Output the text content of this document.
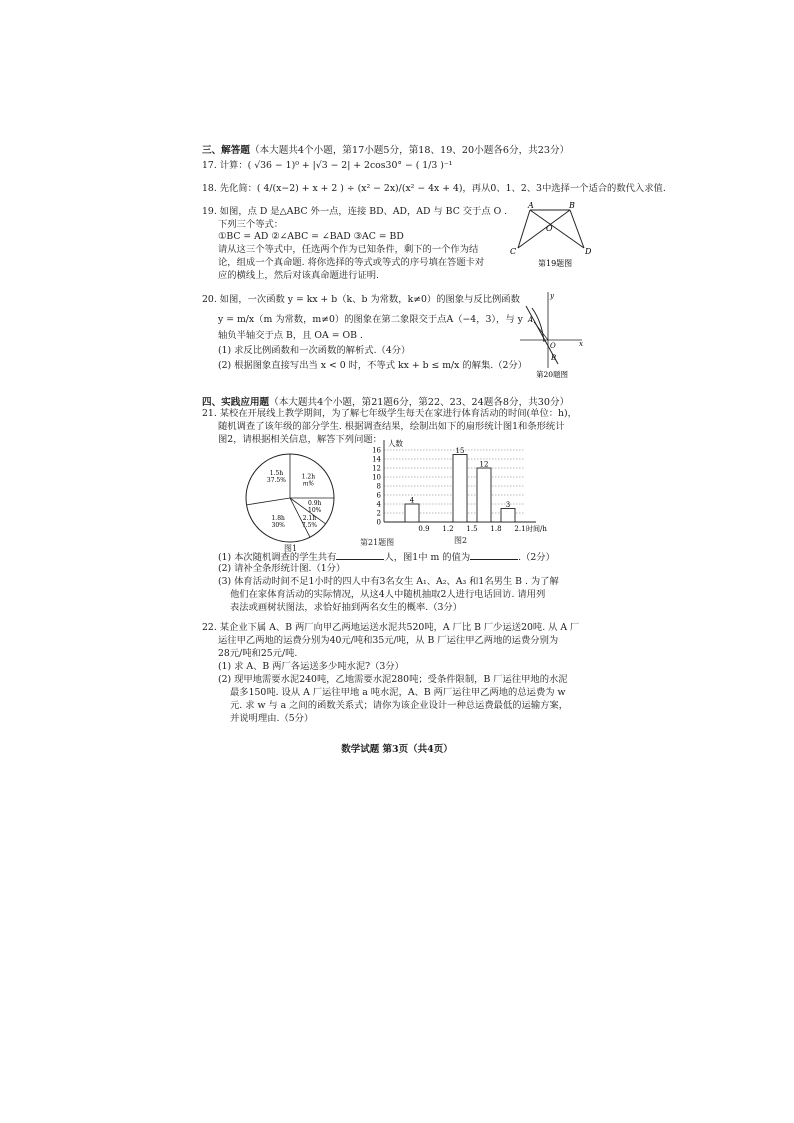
三、解答题（本大题共4个小题，第17小题5分，第18、19、20小题各6分，共23分）
17. 计算：( √36 − 1)⁰ + |√3 − 2| + 2cos30° − ( 1/3 )⁻¹
18. 先化简：( 4/(x−2) + x + 2 ) ÷ (x² − 2x)/(x² − 4x + 4)，再从0、1、2、3中选择一个适合的数代入求值.
19. 如图，点 D 是△ABC 外一点，连接 BD、AD，AD 与 BC 交于点 O .
下列三个等式：
①BC = AD ②∠ABC = ∠BAD ③AC = BD
请从这三个等式中，任选两个作为已知条件，剩下的一个作为结
论，组成一个真命题. 将你选择的等式或等式的序号填在答题卡对
应的横线上，然后对该真命题进行证明.
A	B
C	D
O
第19题图
20. 如图，一次函数 y = kx + b（k、b 为常数，k≠0）的图象与反比例函数
y = m/x（m 为常数，m≠0）的图象在第二象限交于点A（−4，3），与 y
轴负半轴交于点 B，且 OA = OB .
(1) 求反比例函数和一次函数的解析式.（4分）
(2) 根据图象直接写出当 x < 0 时，不等式 kx + b ≤ m/x 的解集.（2分）
y
x
O
A
B
第20题图
四、实践应用题（本大题共4个小题，第21题6分，第22、23、24题各8分，共30分）
21. 某校在开展线上教学期间，为了解七年级学生每天在家进行体育活动的时间(单位：h)，
随机调查了该年级的部分学生. 根据调查结果，绘制出如下的扇形统计图1和条形统计
图2，请根据相关信息，解答下列问题：
1.2h
m%
0.9h
10%
2.1h
7.5%
1.8h
30%
1.5h
37.5%
图1
人数
4
15
12
3
0
2
4
6
8
10
12
14
16
0.9 1.2 1.5 1.8 2.1 时间/h
图2
第21题图
(1) 本次随机调查的学生共有	人，图1中 m 的值为	.（2分）
(2) 请补全条形统计图.（1分）
(3) 体育活动时间不足1小时的四人中有3名女生 A₁、A₂、A₃ 和1名男生 B . 为了解
他们在家体育活动的实际情况，从这4人中随机抽取2人进行电话回访. 请用列
表法或画树状图法，求恰好抽到两名女生的概率.（3分）
22. 某企业下属 A、B 两厂向甲乙两地运送水泥共520吨，A 厂比 B 厂少运送20吨. 从 A 厂
运往甲乙两地的运费分别为40元/吨和35元/吨，从 B 厂运往甲乙两地的运费分别为
28元/吨和25元/吨.
(1) 求 A、B 两厂各运送多少吨水泥?（3分）
(2) 现甲地需要水泥240吨，乙地需要水泥280吨；受条件限制，B 厂运往甲地的水泥
最多150吨. 设从 A 厂运往甲地 a 吨水泥，A、B 两厂运往甲乙两地的总运费为 w
元. 求 w 与 a 之间的函数关系式；请你为该企业设计一种总运费最低的运输方案，
并说明理由.（5分）
数学试题 第3页（共4页）
